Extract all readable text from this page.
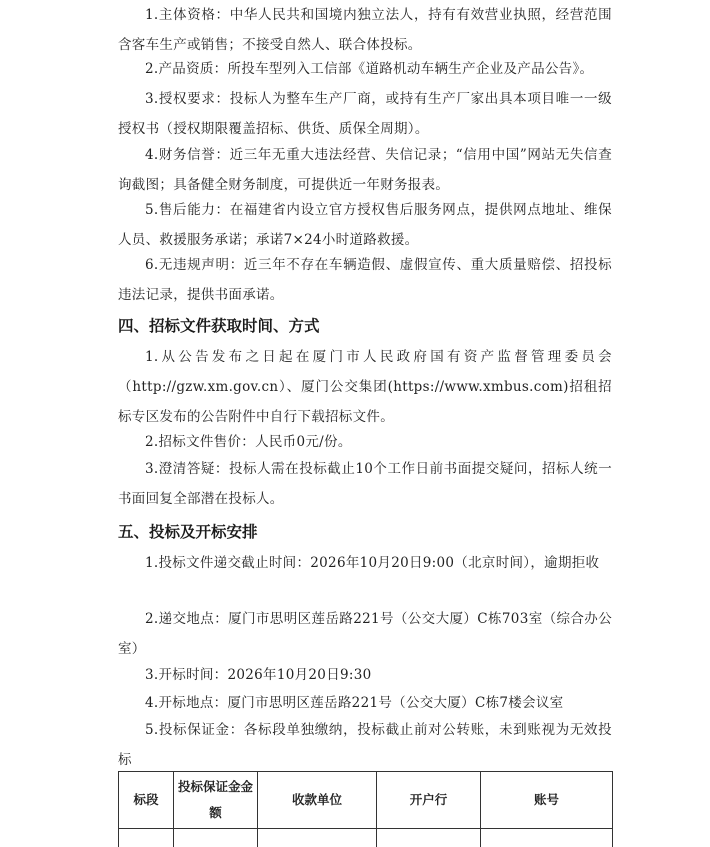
1.主体资格：中华人民共和国境内独立法人，持有有效营业执照，经营范围含客车生产或销售；不接受自然人、联合体投标。

2.产品资质：所投车型列入工信部《道路机动车辆生产企业及产品公告》。

3.授权要求：投标人为整车生产厂商，或持有生产厂家出具本项目唯一一级授权书（授权期限覆盖招标、供货、质保全周期）。

4.财务信誉：近三年无重大违法经营、失信记录；“信用中国”网站无失信查询截图；具备健全财务制度，可提供近一年财务报表。

5.售后能力：在福建省内设立官方授权售后服务网点，提供网点地址、维保人员、救援服务承诺；承诺7×24小时道路救援。

6.无违规声明：近三年不存在车辆造假、虚假宣传、重大质量赔偿、招投标违法记录，提供书面承诺。

四、招标文件获取时间、方式

1.从公告发布之日起在厦门市人民政府国有资产监督管理委员会（http://gzw.xm.gov.cn）、厦门公交集团(https://www.xmbus.com)招租招标专区发布的公告附件中自行下载招标文件。

2.招标文件售价：人民币0元/份。

3.澄清答疑：投标人需在投标截止10个工作日前书面提交疑问，招标人统一书面回复全部潜在投标人。

五、投标及开标安排

1.投标文件递交截止时间：2026年10月20日9:00（北京时间），逾期拒收

2.递交地点：厦门市思明区莲岳路221号（公交大厦）C栋703室（综合办公室）

3.开标时间：2026年10月20日9:30

4.开标地点：厦门市思明区莲岳路221号（公交大厦）C栋7楼会议室

5.投标保证金：各标段单独缴纳，投标截止前对公转账，未到账视为无效投标

标段	投标保证金金额	收款单位	开户行	账号
